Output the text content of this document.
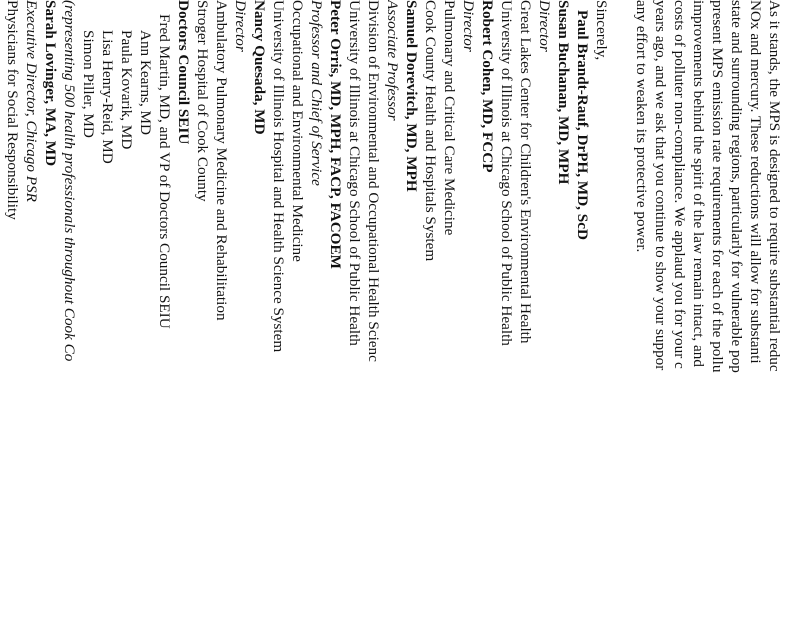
As it stands, the MPS is designed to require substantial reduc
NOx and mercury. These reductions will allow for substanti
state and surrounding regions, particularly for vulnerable pop
present MPS emission rate requirements for each of the pollu
improvements behind the spirit of the law remain intact, and
costs of polluter non-compliance. We applaud you for your c
years ago, and we ask that you continue to show your suppor
any effort to weaken its protective power.
Sincerely,
Paul Brandt-Rauf, DrPH, MD, ScD
Susan Buchanan, MD, MPH
Director
Great Lakes Center for Children's Environmental Health
University of Illinois at Chicago School of Public Health
Robert Cohen, MD, FCCP
Director
Pulmonary and Critical Care Medicine
Cook County Health and Hospitals System
Samuel Dorevitch, MD, MPH
Associate Professor
Division of Environmental and Occupational Health Scienc
University of Illinois at Chicago School of Public Health
Peter Orris, MD, MPH, FACP, FACOEM
Professor and Chief of Service
Occupational and Environmental Medicine
University of Illinois Hospital and Health Science System
Nancy Quesada, MD
Director
Ambulatory Pulmonary Medicine and Rehabilitation
Stroger Hospital of Cook County
Doctors Council SEIU
Fred Martin, MD, and VP of Doctors Council SEIU
Ann Kearns, MD
Paula Kovarik, MD
Lisa Henry-Reid, MD
Simon Piller, MD
(representing 500 health professionals throughout Cook Co
Sarah Lovinger, MA, MD
Executive Director, Chicago PSR
Physicians for Social Responsibility
